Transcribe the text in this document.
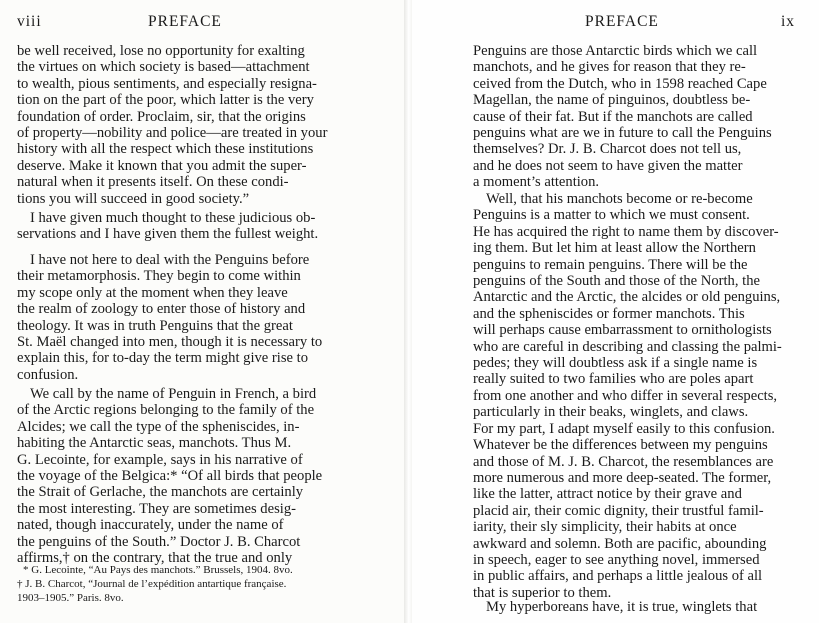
viii	PREFACE
be well received, lose no opportunity for exalting
the virtues on which society is based—attachment
to wealth, pious sentiments, and especially resigna-
tion on the part of the poor, which latter is the very
foundation of order. Proclaim, sir, that the origins
of property—nobility and police—are treated in your
history with all the respect which these institutions
deserve. Make it known that you admit the super-
natural when it presents itself. On these condi-
tions you will succeed in good society.”
I have given much thought to these judicious ob-
servations and I have given them the fullest weight.
I have not here to deal with the Penguins before
their metamorphosis. They begin to come within
my scope only at the moment when they leave
the realm of zoology to enter those of history and
theology. It was in truth Penguins that the great
St. Maël changed into men, though it is necessary to
explain this, for to-day the term might give rise to
confusion.
We call by the name of Penguin in French, a bird
of the Arctic regions belonging to the family of the
Alcides; we call the type of the spheniscides, in-
habiting the Antarctic seas, manchots. Thus M.
G. Lecointe, for example, says in his narrative of
the voyage of the Belgica:* “Of all birds that people
the Strait of Gerlache, the manchots are certainly
the most interesting. They are sometimes desig-
nated, though inaccurately, under the name of
the penguins of the South.” Doctor J. B. Charcot
affirms,† on the contrary, that the true and only
* G. Lecointe, “Au Pays des manchots.” Brussels, 1904. 8vo.
† J. B. Charcot, “Journal de l’expédition antartique française.
1903–1905.” Paris. 8vo.
PREFACE	ix
Penguins are those Antarctic birds which we call
manchots, and he gives for reason that they re-
ceived from the Dutch, who in 1598 reached Cape
Magellan, the name of pinguinos, doubtless be-
cause of their fat. But if the manchots are called
penguins what are we in future to call the Penguins
themselves? Dr. J. B. Charcot does not tell us,
and he does not seem to have given the matter
a moment’s attention.
Well, that his manchots become or re-become
Penguins is a matter to which we must consent.
He has acquired the right to name them by discover-
ing them. But let him at least allow the Northern
penguins to remain penguins. There will be the
penguins of the South and those of the North, the
Antarctic and the Arctic, the alcides or old penguins,
and the spheniscides or former manchots. This
will perhaps cause embarrassment to ornithologists
who are careful in describing and classing the palmi-
pedes; they will doubtless ask if a single name is
really suited to two families who are poles apart
from one another and who differ in several respects,
particularly in their beaks, winglets, and claws.
For my part, I adapt myself easily to this confusion.
Whatever be the differences between my penguins
and those of M. J. B. Charcot, the resemblances are
more numerous and more deep-seated. The former,
like the latter, attract notice by their grave and
placid air, their comic dignity, their trustful famil-
iarity, their sly simplicity, their habits at once
awkward and solemn. Both are pacific, abounding
in speech, eager to see anything novel, immersed
in public affairs, and perhaps a little jealous of all
that is superior to them.
My hyperboreans have, it is true, winglets that
